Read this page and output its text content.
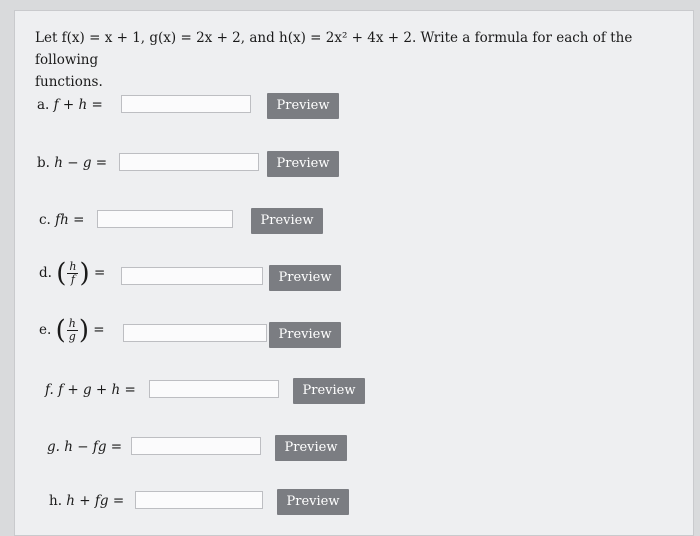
Let f(x) = x + 1, g(x) = 2x + 2, and h(x) = 2x² + 4x + 2. Write a formula for each of the following
functions.
a. f + h =	Preview
b. h − g =	Preview
c. fh =	Preview
d. ( $\frac{h}{f}$ ) =	Preview
e. ( $\frac{h}{g}$ ) =	Preview
f. f + g + h =	Preview
g. h − fg =	Preview
h. h + fg =	Preview
